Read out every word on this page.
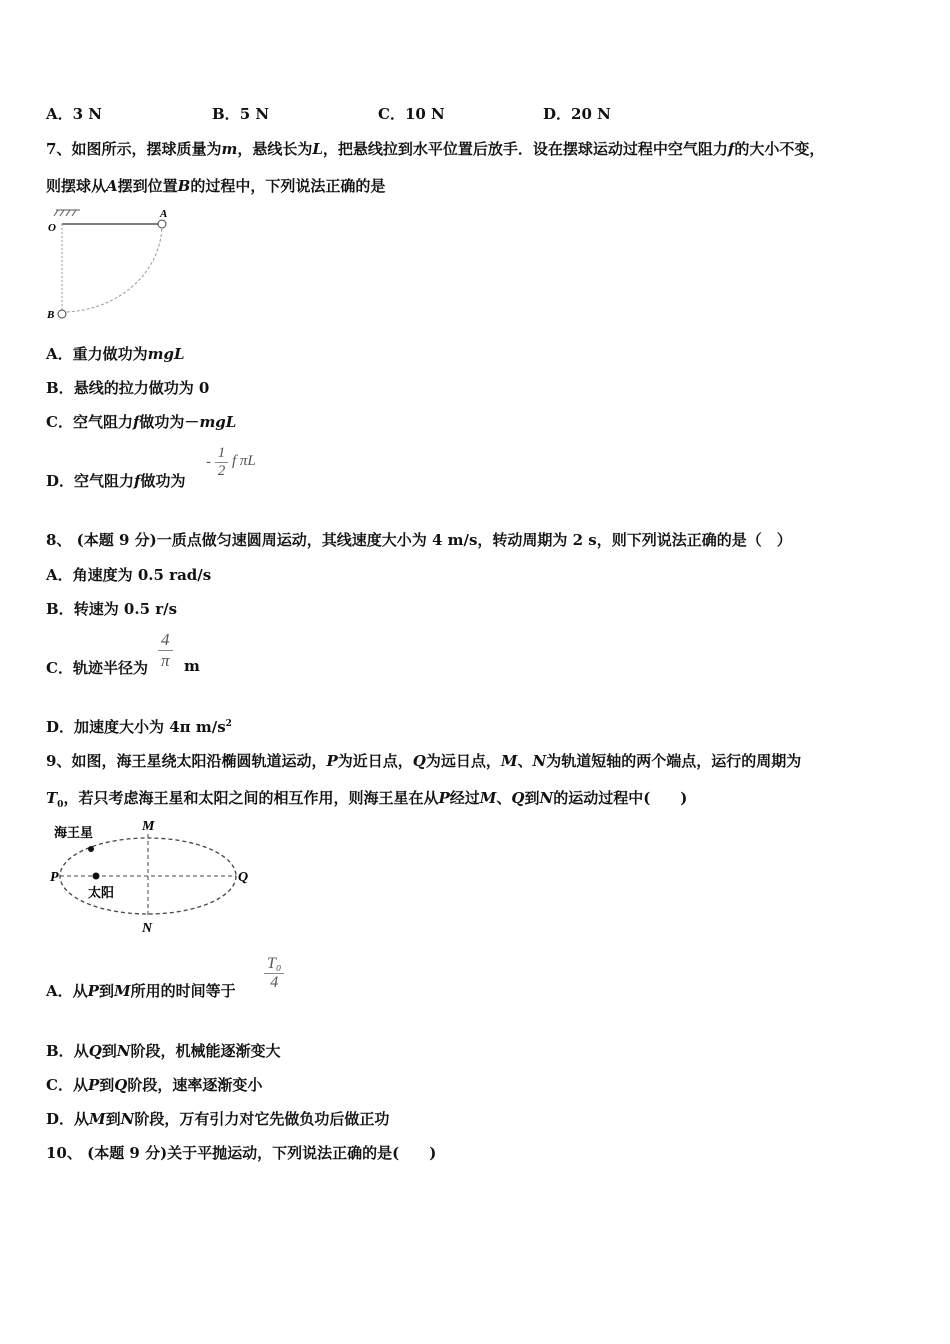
A．3 N	B．5 N	C．10 N	D．20 N
7、如图所示，摆球质量为m，悬线长为L，把悬线拉到水平位置后放手．设在摆球运动过程中空气阻力f的大小不变，
则摆球从A摆到位置B的过程中，下列说法正确的是
O
A
B
A．重力做功为mgL
B．悬线的拉力做功为 0
C．空气阻力f做功为－mgL
D．空气阻力f做功为
- $\frac{1}{2}$ f πL
8、 (本题 9 分)一质点做匀速圆周运动，其线速度大小为 4 m/s，转动周期为 2 s，则下列说法正确的是（　）
A．角速度为 0.5 rad/s
B．转速为 0.5 r/s
C．轨迹半径为 $\frac{4}{\pi}$ m
D．加速度大小为 4π $m/s^2$
9、如图，海王星绕太阳沿椭圆轨道运动，P为近日点，Q为远日点，M、N为轨道短轴的两个端点，运行的周期为
$T_0$，若只考虑海王星和太阳之间的相互作用，则海王星在从P经过M、Q到N的运动过程中(　　)
海王星
太阳
M
N
P	Q
A．从P到M所用的时间等于 $\frac{\text{T₀}}{4}$
B．从Q到N阶段，机械能逐渐变大
C．从P到Q阶段，速率逐渐变小
D．从M到N阶段，万有引力对它先做负功后做正功
10、 (本题 9 分)关于平抛运动，下列说法正确的是(　　)
